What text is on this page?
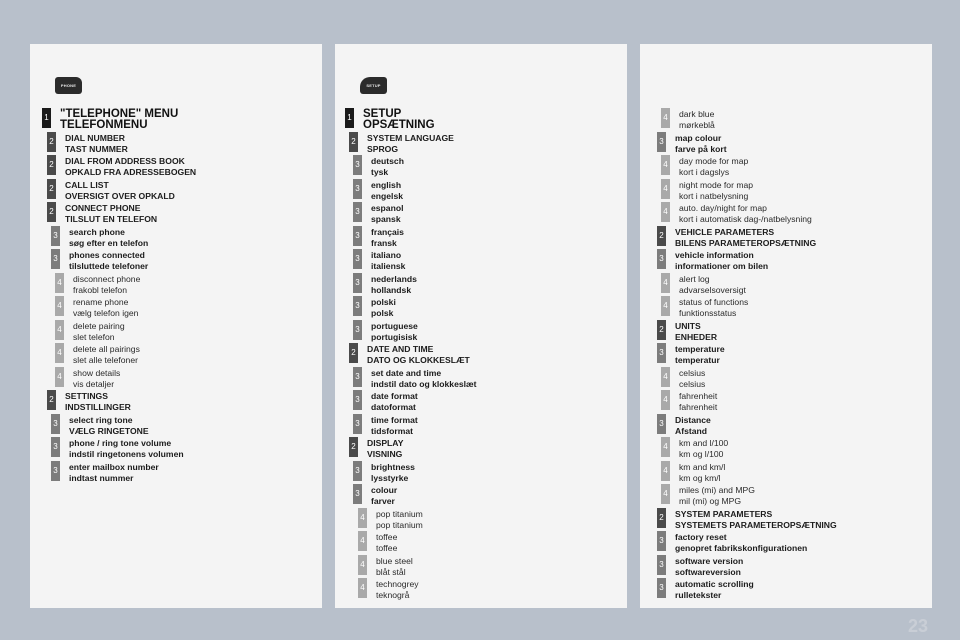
PHONE
1 "TELEPHONE" MENU
TELEFONMENU
2 DIAL NUMBER
TAST NUMMER
2 DIAL FROM ADDRESS BOOK
OPKALD FRA ADRESSEBOGEN
2 CALL LIST
OVERSIGT OVER OPKALD
2 CONNECT PHONE
TILSLUT EN TELEFON
3 search phone
søg efter en telefon
3 phones connected
tilsluttede telefoner
4 disconnect phone
frakobl telefon
4 rename phone
vælg telefon igen
4 delete pairing
slet telefon
4 delete all pairings
slet alle telefoner
4 show details
vis detaljer
2 SETTINGS
INDSTILLINGER
3 select ring tone
VÆLG RINGETONE
3 phone / ring tone volume
indstil ringetonens volumen
3 enter mailbox number
indtast nummer
SETUP
1 SETUP
OPSÆTNING
2 SYSTEM LANGUAGE
SPROG
3 deutsch
tysk
3 english
engelsk
3 espanol
spansk
3 français
fransk
3 italiano
italiensk
3 nederlands
hollandsk
3 polski
polsk
3 portuguese
portugisisk
2 DATE AND TIME
DATO OG KLOKKESLÆT
3 set date and time
indstil dato og klokkeslæt
3 date format
datoformat
3 time format
tidsformat
2 DISPLAY
VISNING
3 brightness
lysstyrke
3 colour
farver
4 pop titanium
pop titanium
4 toffee
toffee
4 blue steel
blåt stål
4 technogrey
teknogrå
4 dark blue
mørkeblå
3 map colour
farve på kort
4 day mode for map
kort i dagslys
4 night mode for map
kort i natbelysning
4 auto. day/night for map
kort i automatisk dag-/natbelysning
2 VEHICLE PARAMETERS
BILENS PARAMETEROPSÆTNING
3 vehicle information
informationer om bilen
4 alert log
advarselsoversigt
4 status of functions
funktionsstatus
2 UNITS
ENHEDER
3 temperature
temperatur
4 celsius
celsius
4 fahrenheit
fahrenheit
3 Distance
Afstand
4 km and l/100
km og l/100
4 km and km/l
km og km/l
4 miles (mi) and MPG
mil (mi) og MPG
2 SYSTEM PARAMETERS
SYSTEMETS PARAMETEROPSÆTNING
3 factory reset
genopret fabrikskonfigurationen
3 software version
softwareversion
3 automatic scrolling
rulletekster
23
